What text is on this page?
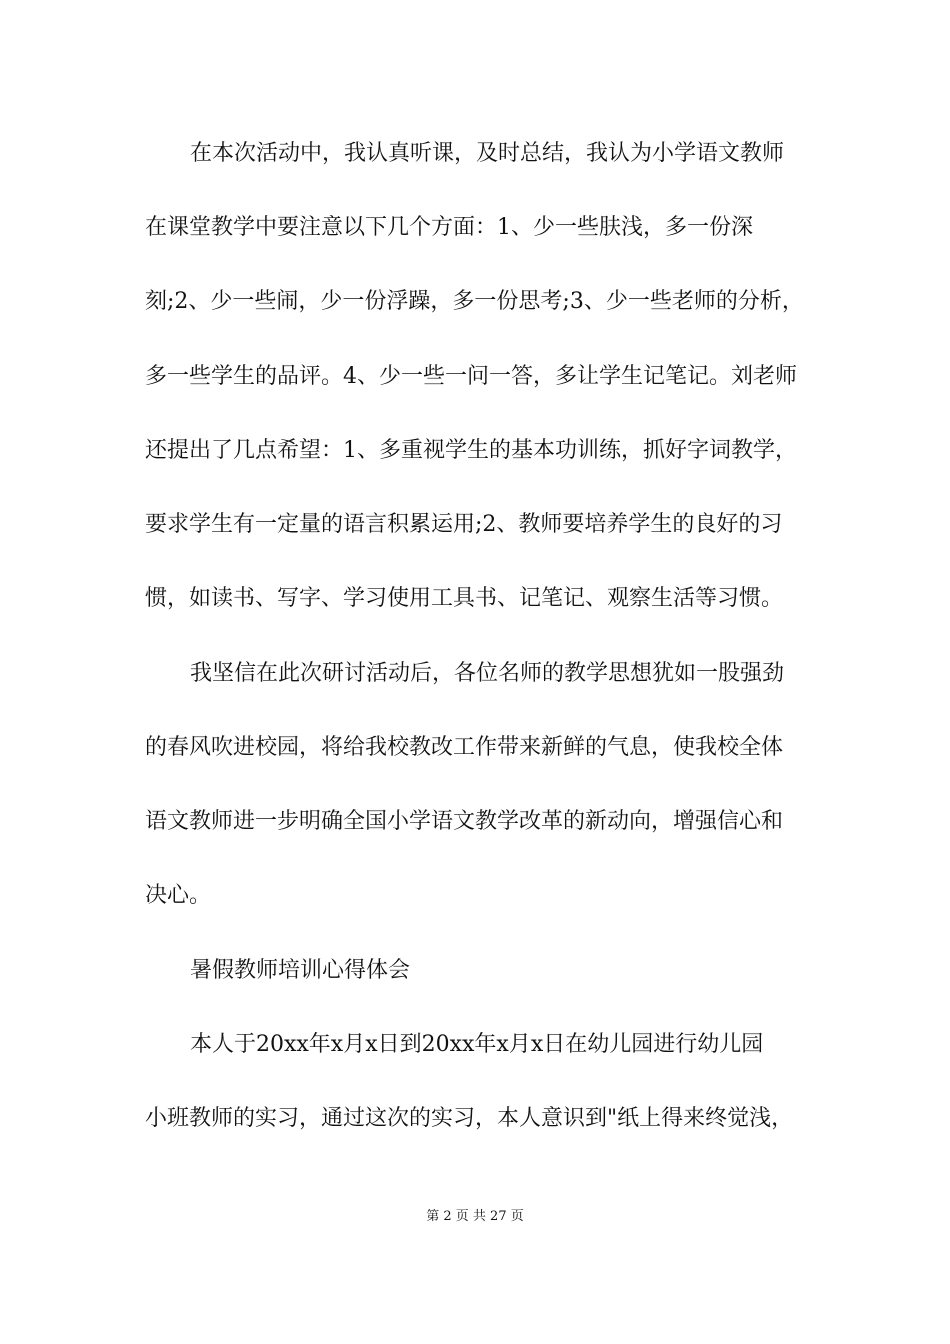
在本次活动中，我认真听课，及时总结，我认为小学语文教师
在课堂教学中要注意以下几个方面：1、少一些肤浅，多一份深
刻;2、少一些闹，少一份浮躁，多一份思考;3、少一些老师的分析，
多一些学生的品评。4、少一些一问一答，多让学生记笔记。刘老师
还提出了几点希望：1、多重视学生的基本功训练，抓好字词教学，
要求学生有一定量的语言积累运用;2、教师要培养学生的良好的习
惯，如读书、写字、学习使用工具书、记笔记、观察生活等习惯。
我坚信在此次研讨活动后，各位名师的教学思想犹如一股强劲
的春风吹进校园，将给我校教改工作带来新鲜的气息，使我校全体
语文教师进一步明确全国小学语文教学改革的新动向，增强信心和
决心。
暑假教师培训心得体会
本人于20xx年x月x日到20xx年x月x日在幼儿园进行幼儿园
小班教师的实习，通过这次的实习，本人意识到"纸上得来终觉浅，
第 2 页 共 27 页
